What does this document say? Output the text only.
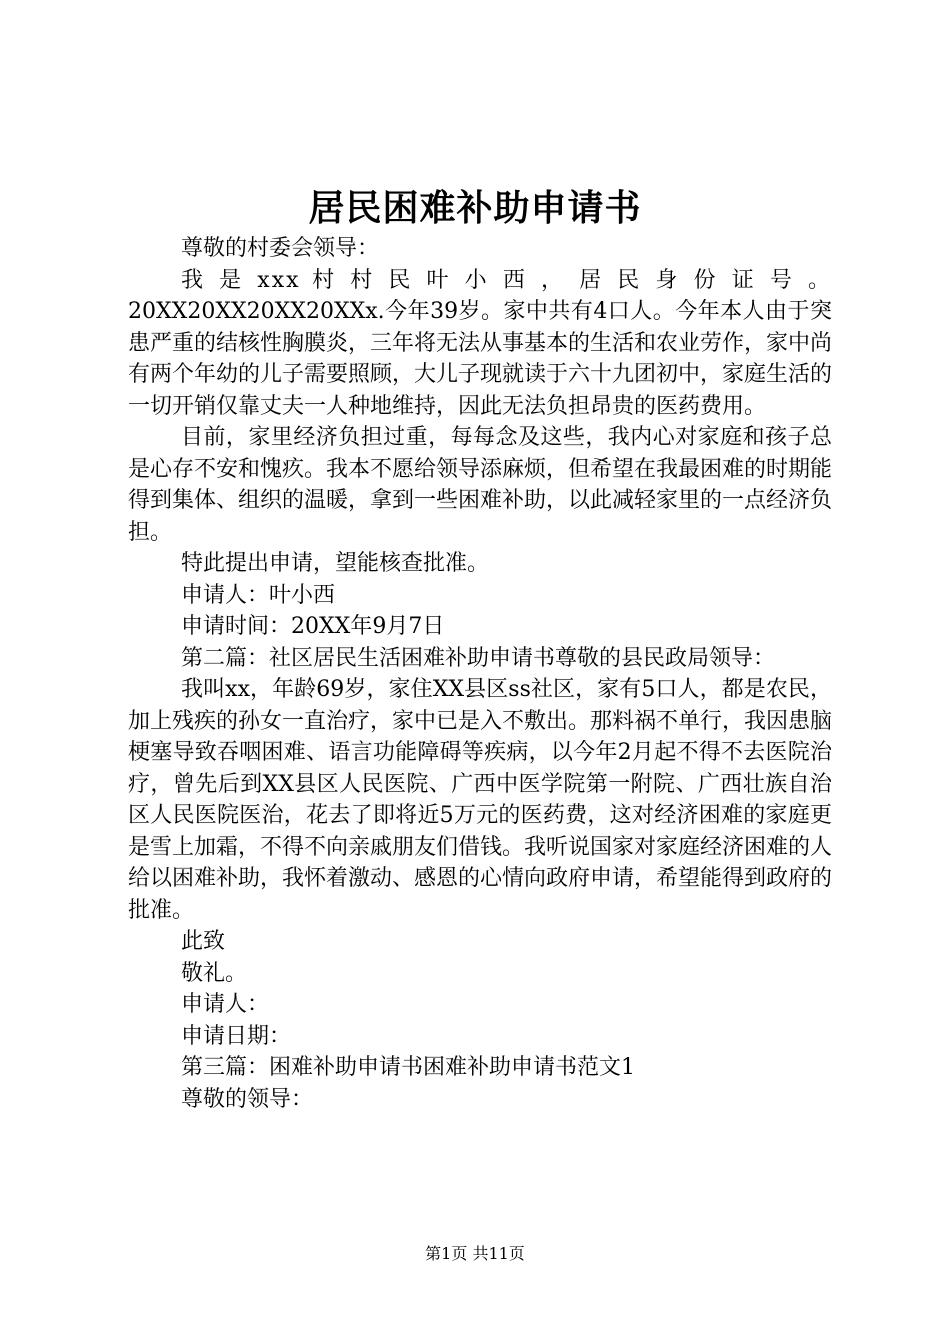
居民困难补助申请书

尊敬的村委会领导：

我 是 xxx 村 村 民 叶 小 西 ， 居 民 身 份 证 号 。

20XX20XX20XX20XXx.今年39岁。家中共有4口人。今年本人由于突患严重的结核性胸膜炎，三年将无法从事基本的生活和农业劳作，家中尚有两个年幼的儿子需要照顾，大儿子现就读于六十九团初中，家庭生活的一切开销仅靠丈夫一人种地维持，因此无法负担昂贵的医药费用。

目前，家里经济负担过重，每每念及这些，我内心对家庭和孩子总是心存不安和愧疚。我本不愿给领导添麻烦，但希望在我最困难的时期能得到集体、组织的温暖，拿到一些困难补助，以此减轻家里的一点经济负担。

特此提出申请，望能核查批准。

申请人：叶小西

申请时间：20XX年9月7日

第二篇：社区居民生活困难补助申请书尊敬的县民政局领导：

我叫xx，年龄69岁，家住XX县区ss社区，家有5口人，都是农民，加上残疾的孙女一直治疗，家中已是入不敷出。那料祸不单行，我因患脑梗塞导致吞咽困难、语言功能障碍等疾病，以今年2月起不得不去医院治疗，曾先后到XX县区人民医院、广西中医学院第一附院、广西壮族自治区人民医院医治，花去了即将近5万元的医药费，这对经济困难的家庭更是雪上加霜，不得不向亲戚朋友们借钱。我听说国家对家庭经济困难的人给以困难补助，我怀着激动、感恩的心情向政府申请，希望能得到政府的批准。

此致

敬礼。

申请人：

申请日期：

第三篇：困难补助申请书困难补助申请书范文1

尊敬的领导：

第1页 共11页
